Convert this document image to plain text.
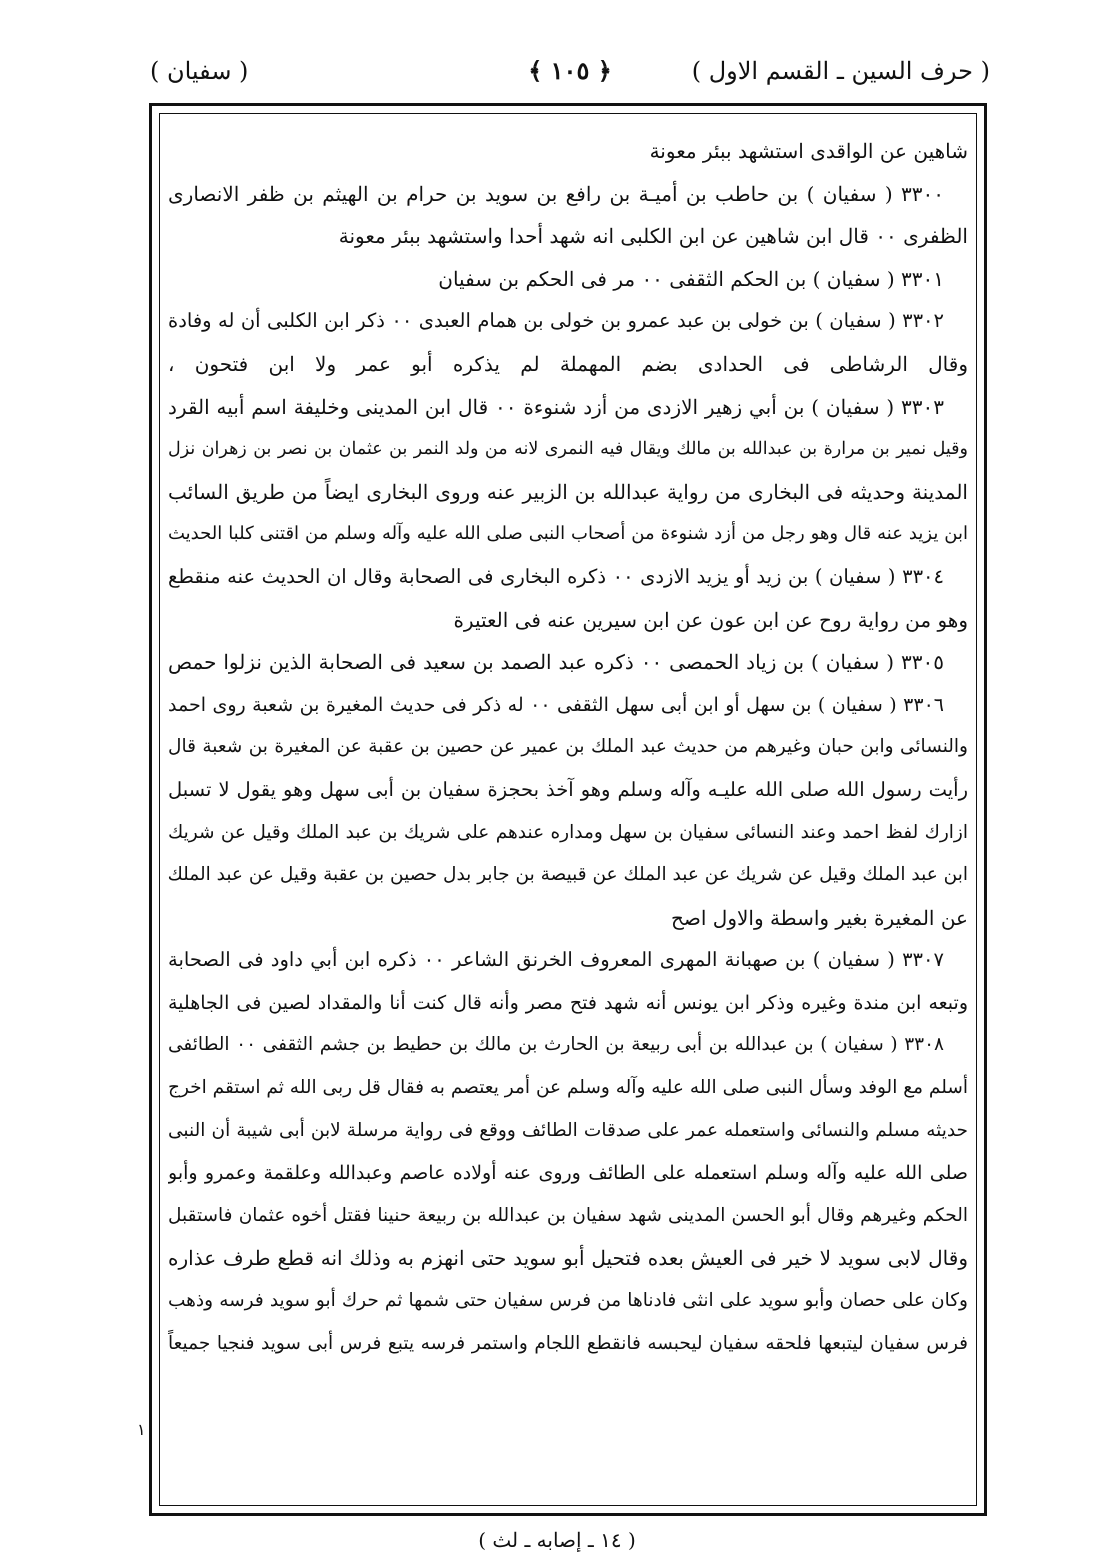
( حرف السين ـ القسم الاول )
﴿ ١٠٥ ﴾
( سفيان )
شاهين عن الواقدى استشهد ببئر معونة
٣٣٠٠ ( سفيان ) بن حاطب بن أميـة بن رافع بن سويد بن حرام بن الهيثم بن ظفر الانصارى
الظفرى ٠٠ قال ابن شاهين عن ابن الكلبى انه شهد أحدا واستشهد ببئر معونة
٣٣٠١ ( سفيان ) بن الحكم الثقفى ٠٠ مر فى الحكم بن سفيان
٣٣٠٢ ( سفيان ) بن خولى بن عبد عمرو بن خولى بن همام العبدى ٠٠ ذكر ابن الكلبى أن له وفادة
وقال الرشاطى فى الحدادى بضم المهملة لم يذكره أبو عمر ولا ابن فتحون ،
٣٣٠٣ ( سفيان ) بن أبي زهير الازدى من أزد شنوءة ٠٠ قال ابن المدينى وخليفة اسم أبيه القرد
وقيل نمير بن مرارة بن عبدالله بن مالك ويقال فيه النمرى لانه من ولد النمر بن عثمان بن نصر بن زهران نزل
المدينة وحديثه فى البخارى من رواية عبدالله بن الزبير عنه وروى البخارى ايضاً من طريق السائب
ابن يزيد عنه قال وهو رجل من أزد شنوءة من أصحاب النبى صلى الله عليه وآله وسلم من اقتنى كلبا الحديث
٣٣٠٤ ( سفيان ) بن زيد أو يزيد الازدى ٠٠ ذكره البخارى فى الصحابة وقال ان الحديث عنه منقطع
وهو من رواية روح عن ابن عون عن ابن سيرين عنه فى العتيرة
٣٣٠٥ ( سفيان ) بن زياد الحمصى ٠٠ ذكره عبد الصمد بن سعيد فى الصحابة الذين نزلوا حمص
٣٣٠٦ ( سفيان ) بن سهل أو ابن أبى سهل الثقفى ٠٠ له ذكر فى حديث المغيرة بن شعبة روى احمد
والنسائى وابن حبان وغيرهم من حديث عبد الملك بن عمير عن حصين بن عقبة عن المغيرة بن شعبة قال
رأيت رسول الله صلى الله عليـه وآله وسلم وهو آخذ بحجزة سفيان بن أبى سهل وهو يقول لا تسبل
ازارك لفظ احمد وعند النسائى سفيان بن سهل ومداره عندهم على شريك بن عبد الملك وقيل عن شريك
ابن عبد الملك وقيل عن شريك عن عبد الملك عن قبيصة بن جابر بدل حصين بن عقبة وقيل عن عبد الملك
عن المغيرة بغير واسطة والاول اصح
٣٣٠٧ ( سفيان ) بن صهبانة المهرى المعروف الخرنق الشاعر ٠٠ ذكره ابن أبي داود فى الصحابة
وتبعه ابن مندة وغيره وذكر ابن يونس أنه شهد فتح مصر وأنه قال كنت أنا والمقداد لصين فى الجاهلية
٣٣٠٨ ( سفيان ) بن عبدالله بن أبى ربيعة بن الحارث بن مالك بن حطيط بن جشم الثقفى ٠٠ الطائفى
أسلم مع الوفد وسأل النبى صلى الله عليه وآله وسلم عن أمر يعتصم به فقال قل ربى الله ثم استقم اخرج
حديثه مسلم والنسائى واستعمله عمر على صدقات الطائف ووقع فى رواية مرسلة لابن أبى شيبة أن النبى
صلى الله عليه وآله وسلم استعمله على الطائف وروى عنه أولاده عاصم وعبدالله وعلقمة وعمرو وأبو
الحكم وغيرهم وقال أبو الحسن المدينى شهد سفيان بن عبدالله بن ربيعة حنينا فقتل أخوه عثمان فاستقبل
وقال لابى سويد لا خير فى العيش بعده فتحيل أبو سويد حتى انهزم به وذلك انه قطع طرف عذاره
وكان على حصان وأبو سويد على انثى فادناها من فرس سفيان حتى شمها ثم حرك أبو سويد فرسه وذهب
فرس سفيان ليتبعها فلحقه سفيان ليحبسه فانقطع اللجام واستمر فرسه يتبع فرس أبى سويد فنجيا جميعاً
١
( ١٤ ـ إصابه ـ لث )
